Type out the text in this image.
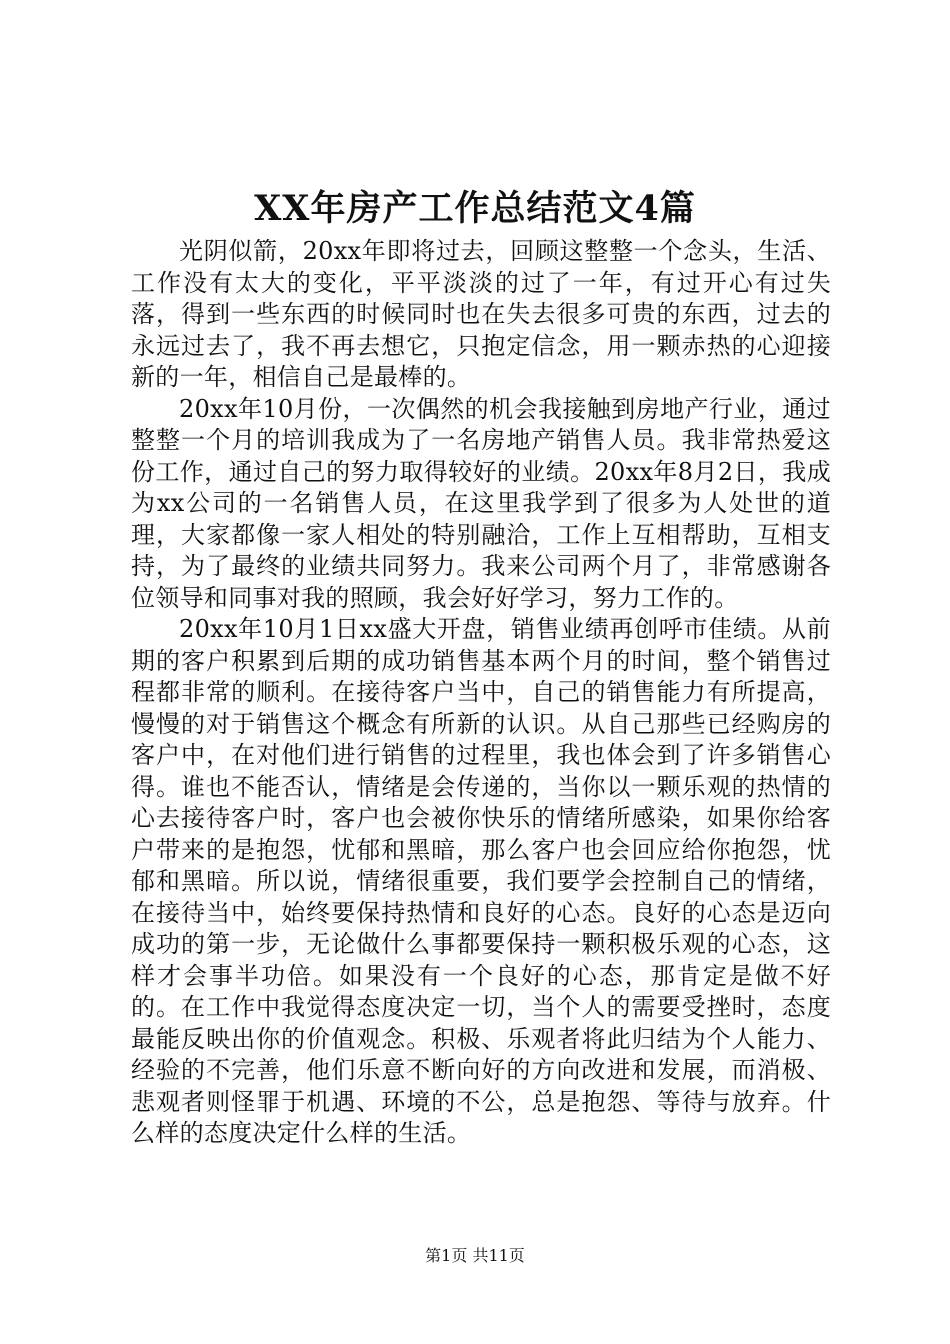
XX年房产工作总结范文4篇

光阴似箭，20xx年即将过去，回顾这整整一个念头，生活、工作没有太大的变化，平平淡淡的过了一年，有过开心有过失落，得到一些东西的时候同时也在失去很多可贵的东西，过去的永远过去了，我不再去想它，只抱定信念，用一颗赤热的心迎接新的一年，相信自己是最棒的。

20xx年10月份，一次偶然的机会我接触到房地产行业，通过整整一个月的培训我成为了一名房地产销售人员。我非常热爱这份工作，通过自己的努力取得较好的业绩。20xx年8月2日，我成为xx公司的一名销售人员，在这里我学到了很多为人处世的道理，大家都像一家人相处的特别融洽，工作上互相帮助，互相支持，为了最终的业绩共同努力。我来公司两个月了，非常感谢各位领导和同事对我的照顾，我会好好学习，努力工作的。

20xx年10月1日xx盛大开盘，销售业绩再创呼市佳绩。从前期的客户积累到后期的成功销售基本两个月的时间，整个销售过程都非常的顺利。在接待客户当中，自己的销售能力有所提高，慢慢的对于销售这个概念有所新的认识。从自己那些已经购房的客户中，在对他们进行销售的过程里，我也体会到了许多销售心得。谁也不能否认，情绪是会传递的，当你以一颗乐观的热情的心去接待客户时，客户也会被你快乐的情绪所感染，如果你给客户带来的是抱怨，忧郁和黑暗，那么客户也会回应给你抱怨，忧郁和黑暗。所以说，情绪很重要，我们要学会控制自己的情绪，在接待当中，始终要保持热情和良好的心态。良好的心态是迈向成功的第一步，无论做什么事都要保持一颗积极乐观的心态，这样才会事半功倍。如果没有一个良好的心态，那肯定是做不好的。在工作中我觉得态度决定一切，当个人的需要受挫时，态度最能反映出你的价值观念。积极、乐观者将此归结为个人能力、经验的不完善，他们乐意不断向好的方向改进和发展，而消极、悲观者则怪罪于机遇、环境的不公，总是抱怨、等待与放弃。什么样的态度决定什么样的生活。

第1页 共11页
